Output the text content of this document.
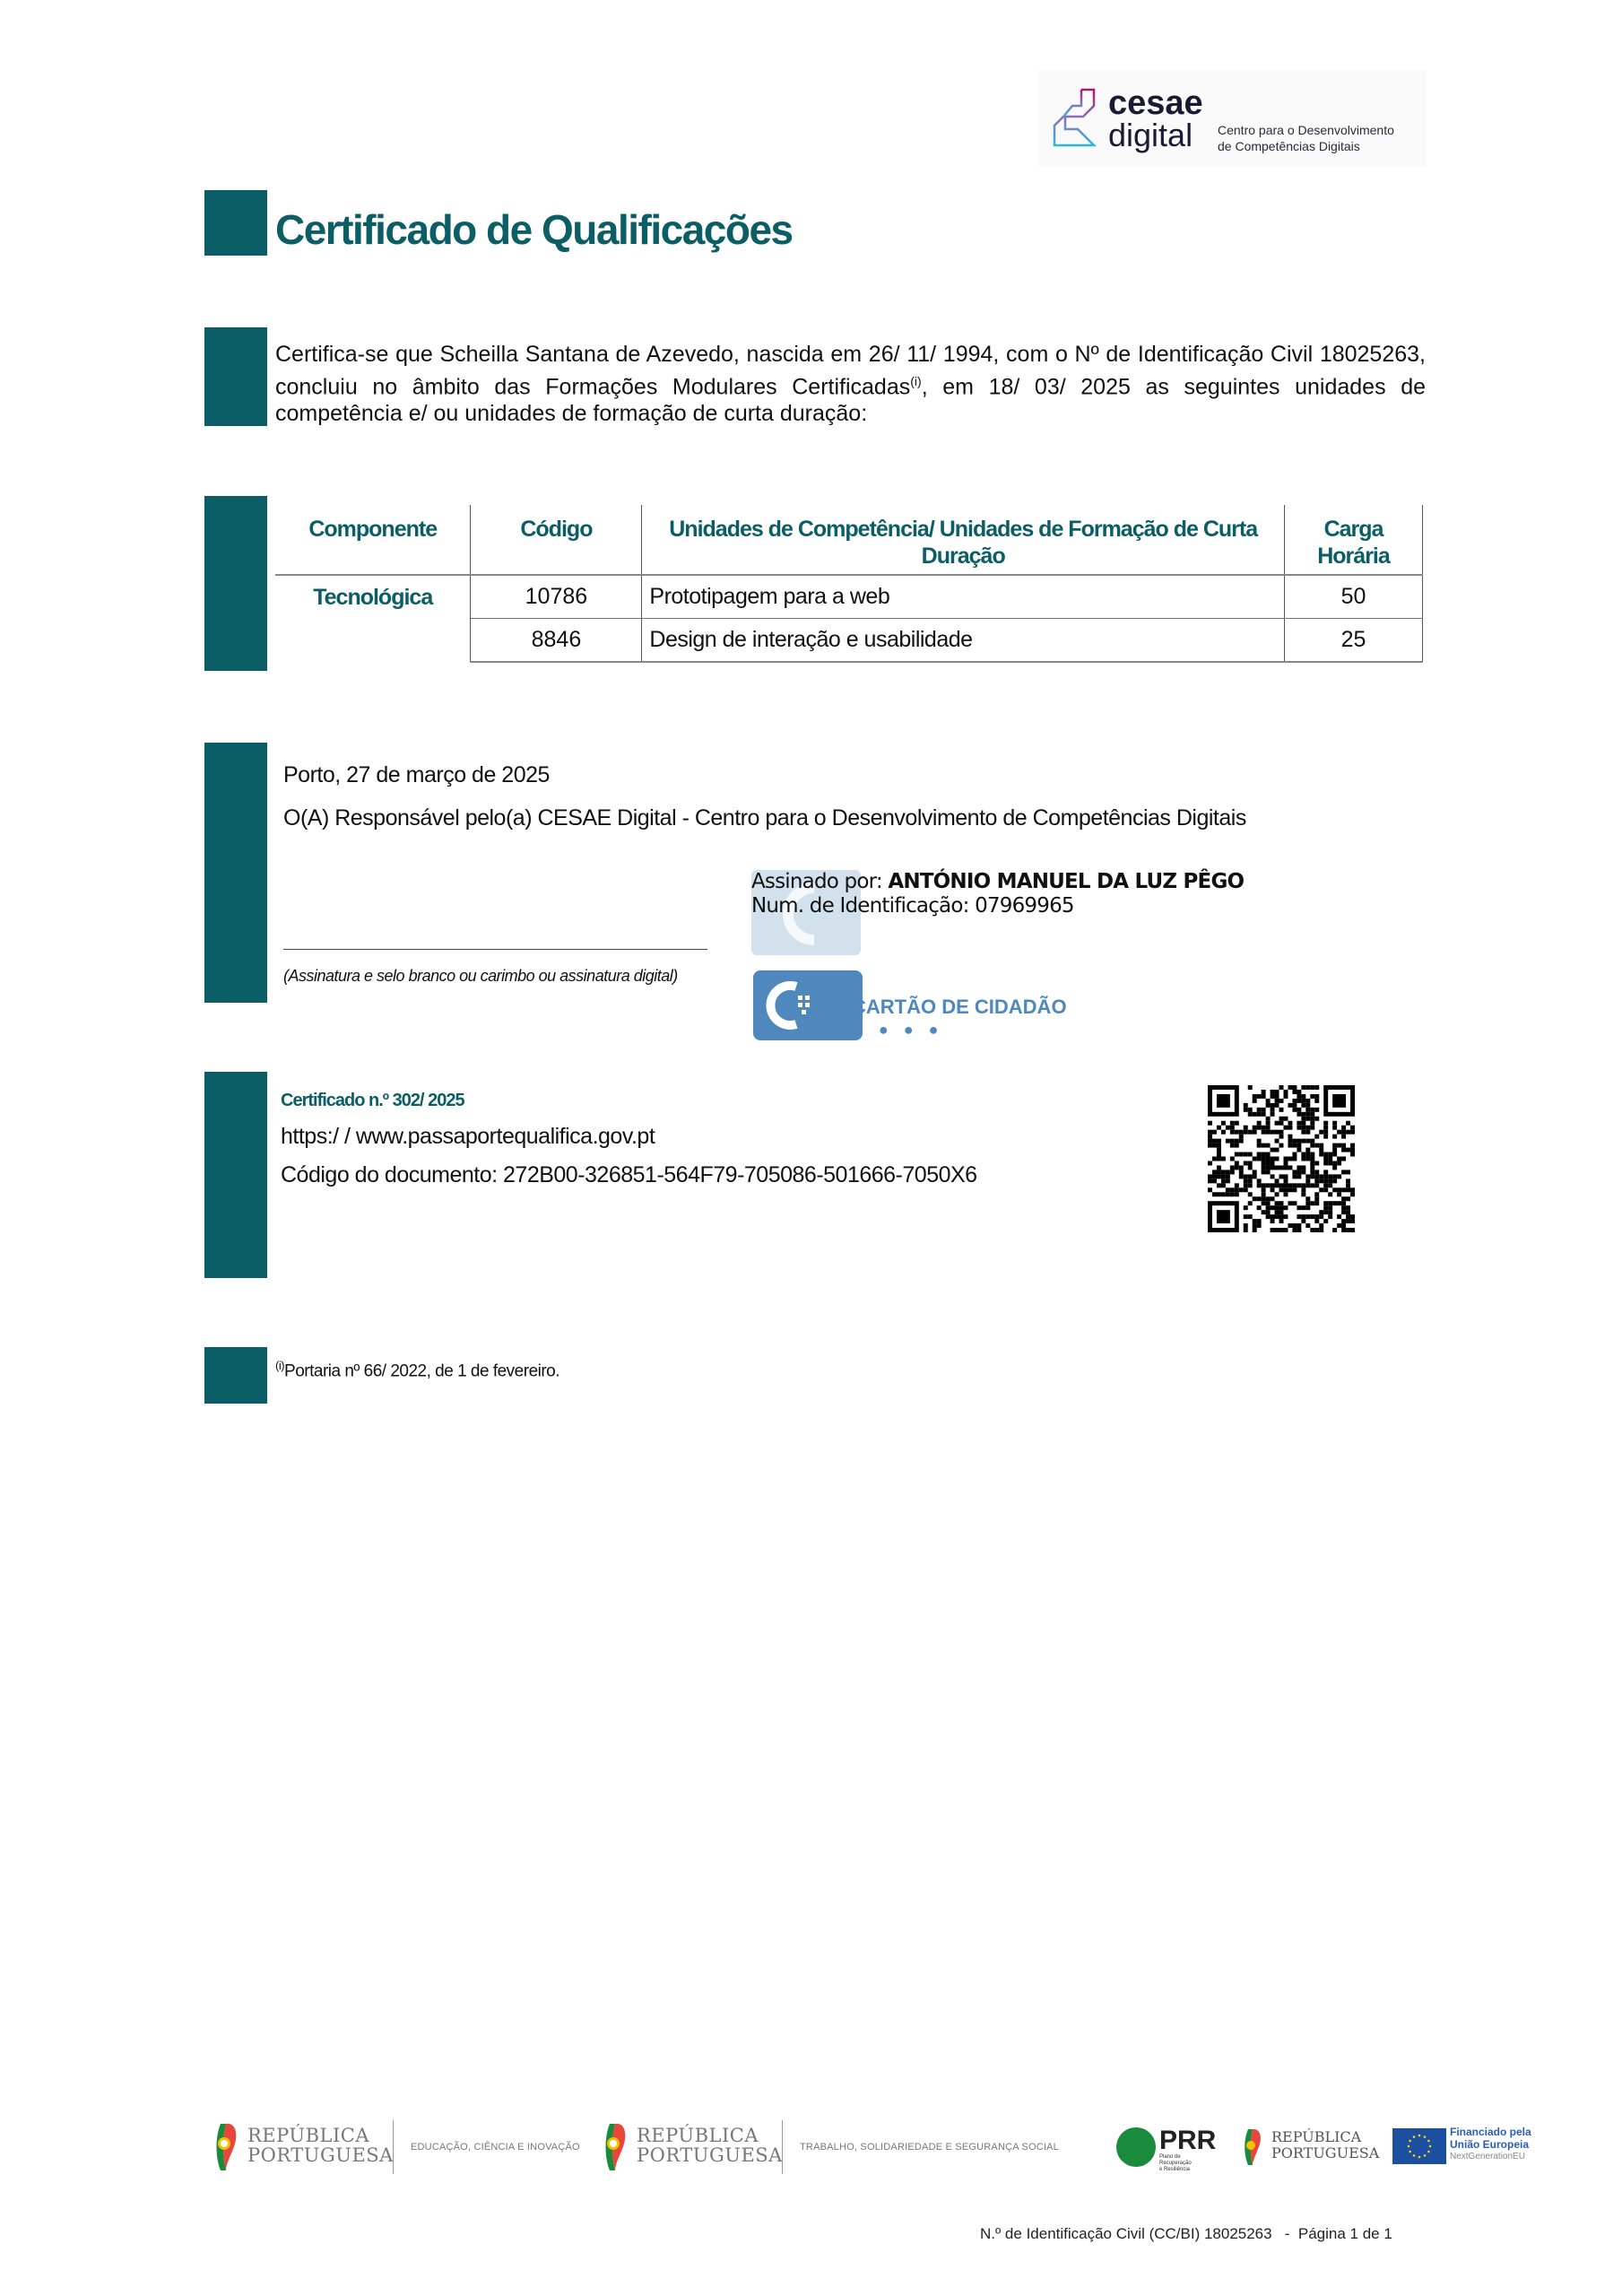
cesae
digital Centro para o Desenvolvimento
de Competências Digitais
Certificado de Qualificações
Certifica-se que Scheilla Santana de Azevedo, nascida em 26/ 11/ 1994, com o Nº de Identificação Civil 18025263, concluiu no âmbito das Formações Modulares Certificadas$^{(i)}$, em 18/ 03/ 2025 as seguintes unidades de competência e/ ou unidades de formação de curta duração:
Componente	Código	Unidades de Competência/ Unidades de Formação de Curta Duração	Carga Horária
Tecnológica	10786	Prototipagem para a web	50
	8846	Design de interação e usabilidade	25
Porto, 27 de março de 2025
O(A) Responsável pelo(a) CESAE Digital - Centro para o Desenvolvimento de Competências Digitais
Assinado por: ANTÓNIO MANUEL DA LUZ PÊGO
Num. de Identificação: 07969965
(Assinatura e selo branco ou carimbo ou assinatura digital)
CARTÃO DE CIDADÃO
● ● ● ●
Certificado n.º 302/ 2025
https:/ / www.passaportequalifica.gov.pt
Código do documento: 272B00-326851-564F79-705086-501666-7050X6
$^{(i)}$Portaria nº 66/ 2022, de 1 de fevereiro.
REPÚBLICA
PORTUGUESA EDUCAÇÃO, CIÊNCIA E INOVAÇÃO
REPÚBLICA
PORTUGUESA TRABALHO, SOLIDARIEDADE E SEGURANÇA SOCIAL	PRR
Plano de Recuperação
e Resiliência
REPÚBLICA
PORTUGUESA
Financiado pela
União Europeia
NextGenerationEU
N.º de Identificação Civil (CC/BI) 18025263   -  Página 1 de 1
